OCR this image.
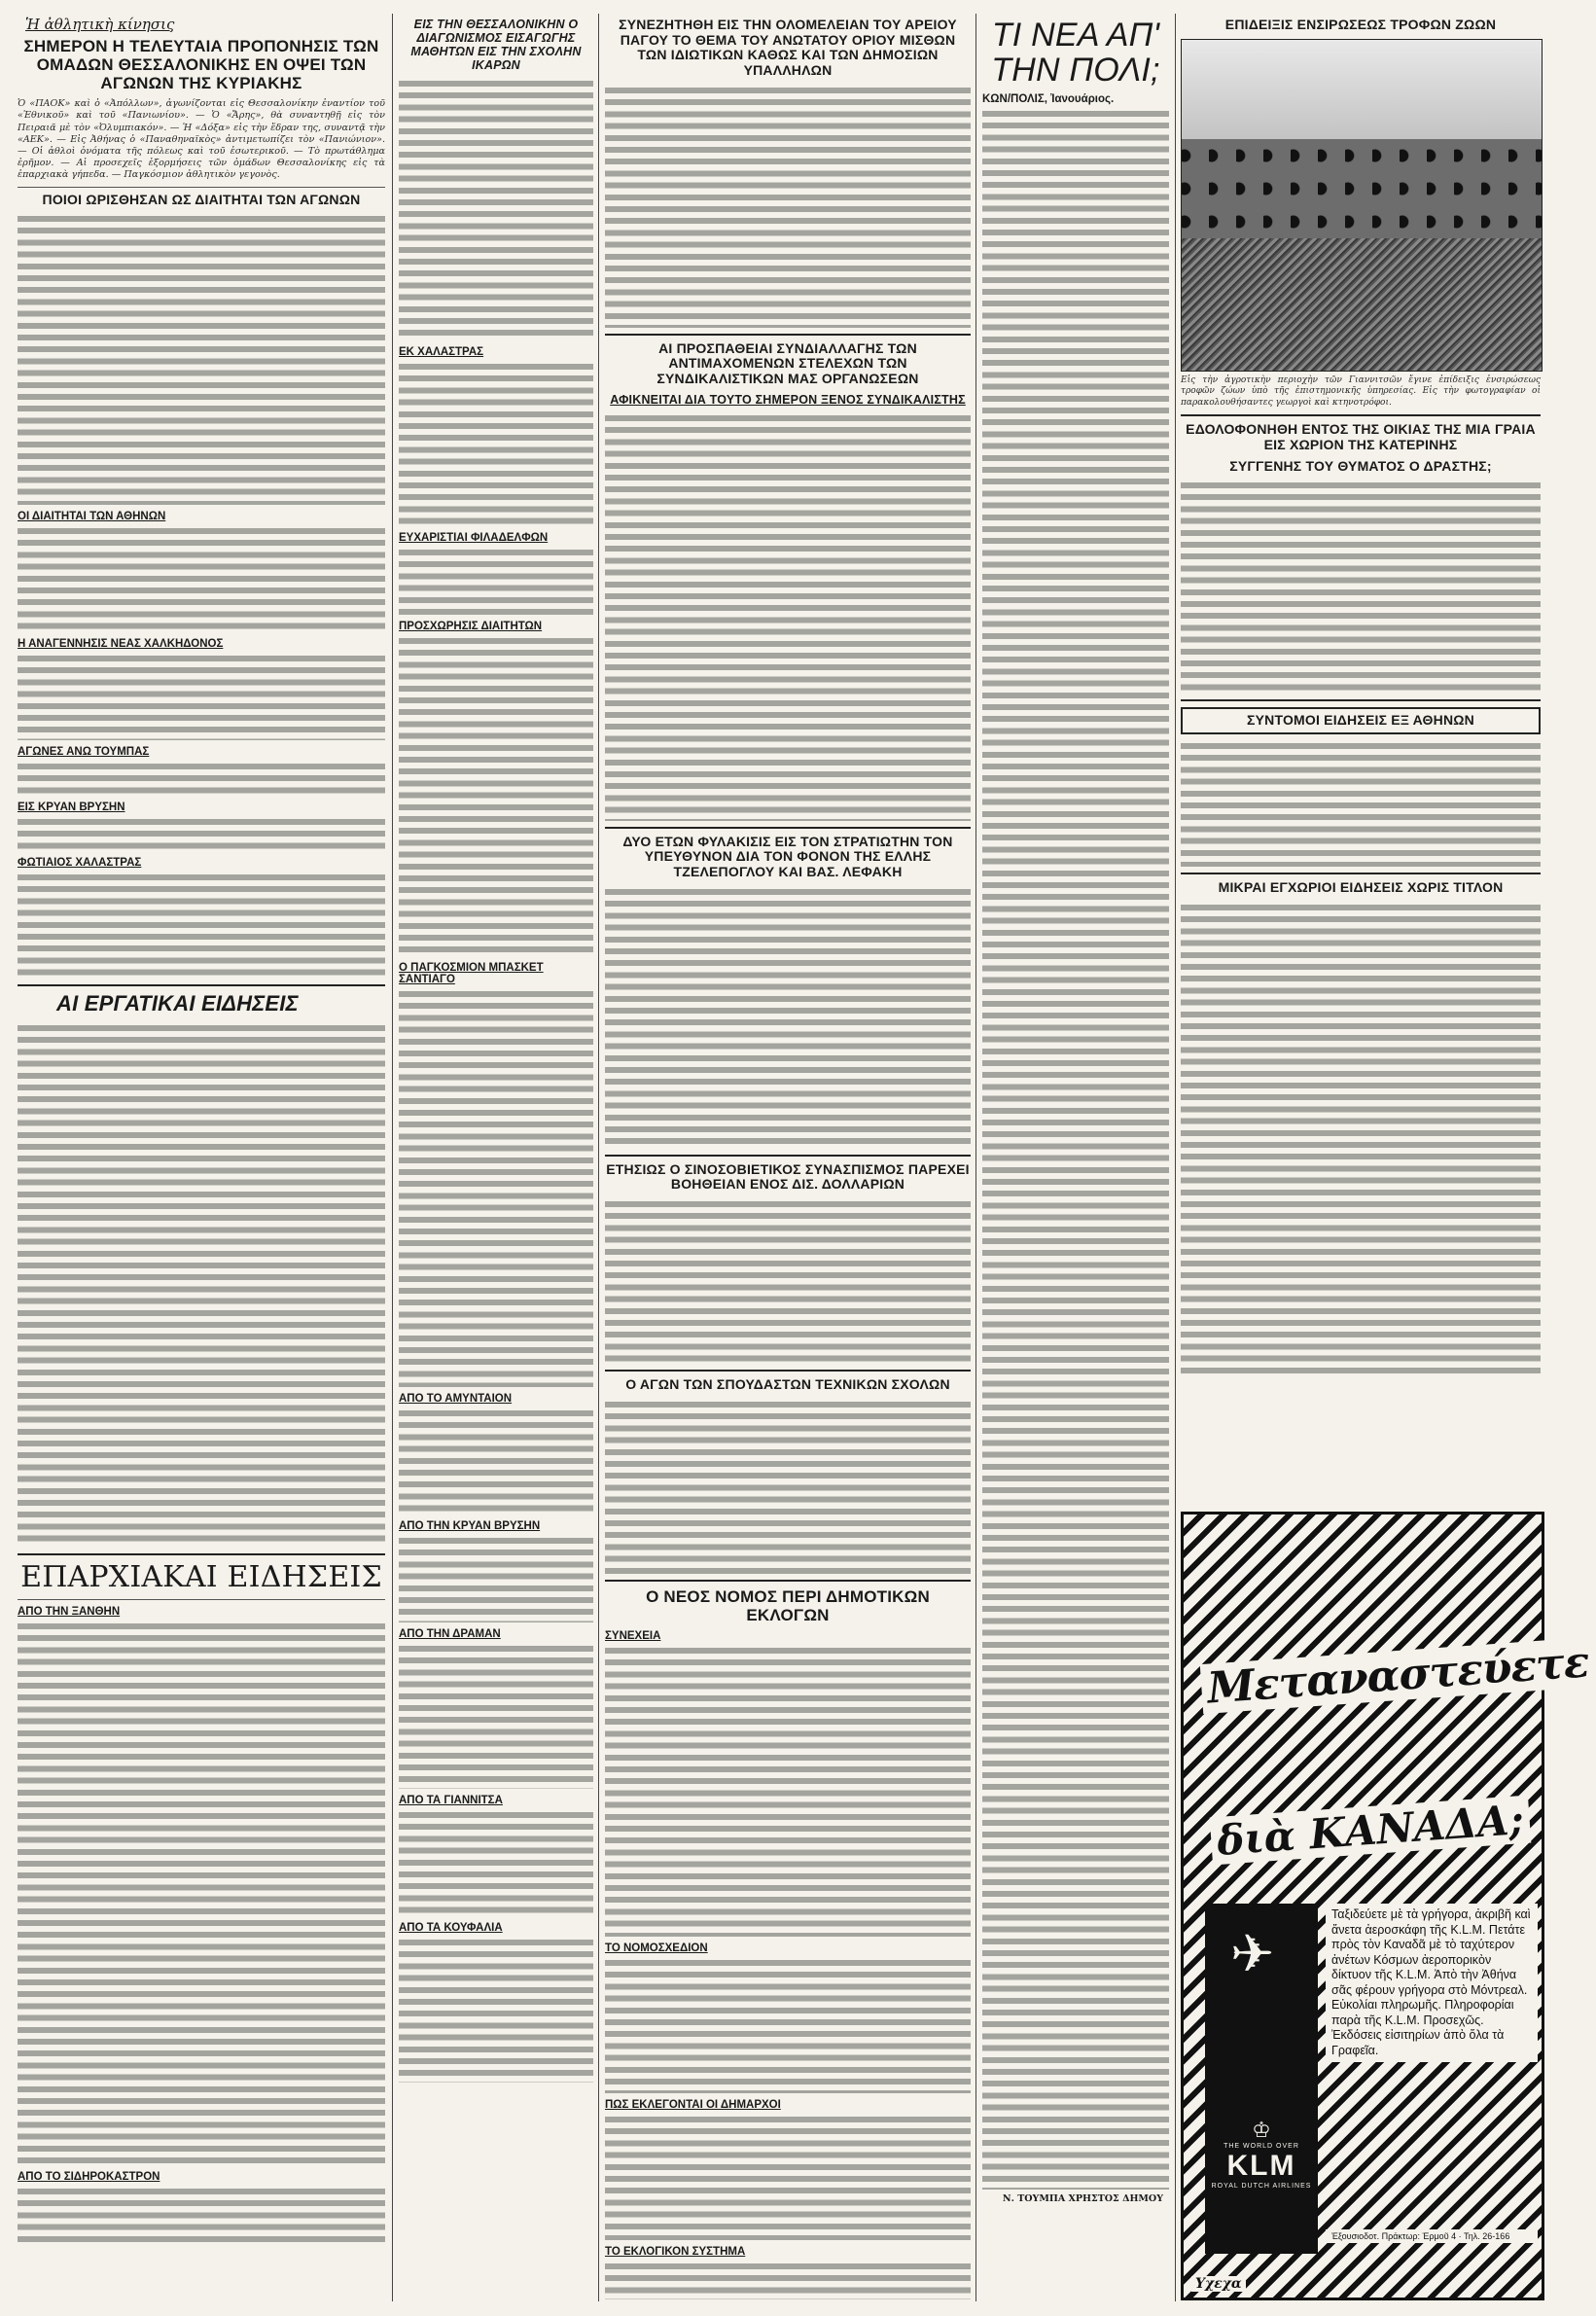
Ἡ ἀθλητικὴ κίνησις
ΣΗΜΕΡΟΝ Η ΤΕΛΕΥΤΑΙΑ ΠΡΟΠΟΝΗΣΙΣ ΤΩΝ ΟΜΑΔΩΝ ΘΕΣΣΑΛΟΝΙΚΗΣ ΕΝ ΟΨΕΙ ΤΩΝ ΑΓΩΝΩΝ ΤΗΣ ΚΥΡΙΑΚΗΣ

Ὁ «ΠΑΟΚ» καὶ ὁ «Ἀπόλλων», ἀγωνίζονται εἰς Θεσσαλονίκην ἐναντίον τοῦ «Ἐθνικοῦ» καὶ τοῦ «Πανιωνίου». — Ὁ «Ἄρης», θὰ συναντηθῇ εἰς τὸν Πειραιᾶ μὲ τὸν «Ὀλυμπιακόν». — Ἡ «Δόξα» εἰς τὴν ἕδραν της, συναντᾷ τὴν «ΑΕΚ». — Εἰς Ἀθήνας ὁ «Παναθηναϊκὸς» ἀντιμετωπίζει τὸν «Πανιώνιον». — Οἱ ἀθλοὶ ὀνόματα τῆς πόλεως καὶ τοῦ ἐσωτερικοῦ. — Τὸ πρωτάθλημα ἐρῆμον. — Αἱ προσεχεῖς ἐξορμήσεις τῶν ὁμάδων Θεσσαλονίκης εἰς τὰ ἐπαρχιακὰ γήπεδα. — Παγκόσμιον ἀθλητικὸν γεγονὸς.

ΠΟΙΟΙ ΩΡΙΣΘΗΣΑΝ ΩΣ ΔΙΑΙΤΗΤΑΙ ΤΩΝ ΑΓΩΝΩΝ

ΟΙ ΔΙΑΙΤΗΤΑΙ ΤΩΝ ΑΘΗΝΩΝ

Η ΑΝΑΓΕΝΝΗΣΙΣ ΝΕΑΣ ΧΑΛΚΗΔΟΝΟΣ

ΑΓΩΝΕΣ ΑΝΩ ΤΟΥΜΠΑΣ

ΕΙΣ ΚΡΥΑΝ ΒΡΥΣΗΝ

ΦΩΤΙΑΙΟΣ ΧΑΛΑΣΤΡΑΣ

ΑΙ ΕΡΓΑΤΙΚΑΙ ΕΙΔΗΣΕΙΣ

ΕΠΑΡΧΙΑΚΑΙ ΕΙΔΗΣΕΙΣ
ΑΠΟ ΤΗΝ ΞΑΝΘΗΝ

ΑΠΟ ΤΟ ΣΙΔΗΡΟΚΑΣΤΡΟΝ

ΕΙΣ ΤΗΝ ΘΕΣΣΑΛΟΝΙΚΗΝ Ο ΔΙΑΓΩΝΙΣΜΟΣ ΕΙΣΑΓΩΓΗΣ ΜΑΘΗΤΩΝ ΕΙΣ ΤΗΝ ΣΧΟΛΗΝ ΙΚΑΡΩΝ

ΕΚ ΧΑΛΑΣΤΡΑΣ

ΕΥΧΑΡΙΣΤΙΑΙ ΦΙΛΑΔΕΛΦΩΝ

ΠΡΟΣΧΩΡΗΣΙΣ ΔΙΑΙΤΗΤΩΝ

Ο ΠΑΓΚΟΣΜΙΟΝ ΜΠΑΣΚΕΤ ΣΑΝΤΙΑΓΟ

ΑΠΟ ΤΟ ΑΜΥΝΤΑΙΟΝ

ΑΠΟ ΤΗΝ ΚΡΥΑΝ ΒΡΥΣΗΝ

ΑΠΟ ΤΗΝ ΔΡΑΜΑΝ

ΑΠΟ ΤΑ ΓΙΑΝΝΙΤΣΑ

ΑΠΟ ΤΑ ΚΟΥΦΑΛΙΑ

ΣΥΝΕΖΗΤΗΘΗ ΕΙΣ ΤΗΝ ΟΛΟΜΕΛΕΙΑΝ ΤΟΥ ΑΡΕΙΟΥ ΠΑΓΟΥ ΤΟ ΘΕΜΑ ΤΟΥ ΑΝΩΤΑΤΟΥ ΟΡΙΟΥ ΜΙΣΘΩΝ ΤΩΝ ΙΔΙΩΤΙΚΩΝ ΚΑΘΩΣ ΚΑΙ ΤΩΝ ΔΗΜΟΣΙΩΝ ΥΠΑΛΛΗΛΩΝ

ΑΙ ΠΡΟΣΠΑΘΕΙΑΙ ΣΥΝΔΙΑΛΛΑΓΗΣ ΤΩΝ ΑΝΤΙΜΑΧΟΜΕΝΩΝ ΣΤΕΛΕΧΩΝ ΤΩΝ ΣΥΝΔΙΚΑΛΙΣΤΙΚΩΝ ΜΑΣ ΟΡΓΑΝΩΣΕΩΝ
ΑΦΙΚΝΕΙΤΑΙ ΔΙΑ ΤΟΥΤΟ ΣΗΜΕΡΟΝ ΞΕΝΟΣ ΣΥΝΔΙΚΑΛΙΣΤΗΣ

ΔΥΟ ΕΤΩΝ ΦΥΛΑΚΙΣΙΣ ΕΙΣ ΤΟΝ ΣΤΡΑΤΙΩΤΗΝ ΤΟΝ ΥΠΕΥΘΥΝΟΝ ΔΙΑ ΤΟΝ ΦΟΝΟΝ ΤΗΣ ΕΛΛΗΣ ΤΖΕΛΕΠΟΓΛΟΥ ΚΑΙ ΒΑΣ. ΛΕΦΑΚΗ

ΕΤΗΣΙΩΣ Ο ΣΙΝΟΣΟΒΙΕΤΙΚΟΣ ΣΥΝΑΣΠΙΣΜΟΣ ΠΑΡΕΧΕΙ ΒΟΗΘΕΙΑΝ ΕΝΟΣ ΔΙΣ. ΔΟΛΛΑΡΙΩΝ

Ο ΑΓΩΝ ΤΩΝ ΣΠΟΥΔΑΣΤΩΝ ΤΕΧΝΙΚΩΝ ΣΧΟΛΩΝ

Ο ΝΕΟΣ ΝΟΜΟΣ ΠΕΡΙ ΔΗΜΟΤΙΚΩΝ ΕΚΛΟΓΩΝ
ΣΥΝΕΧΕΙΑ

ΤΟ ΝΟΜΟΣΧΕΔΙΟΝ

ΠΩΣ ΕΚΛΕΓΟΝΤΑΙ ΟΙ ΔΗΜΑΡΧΟΙ

ΤΟ ΕΚΛΟΓΙΚΟΝ ΣΥΣΤΗΜΑ

ΤΙ ΝΕΑ ΑΠ' ΤΗΝ ΠΟΛΙ;
ΚΩΝ/ΠΟΛΙΣ, Ἰανουάριος.

Ν. ΤΟΥΜΠΑ ΧΡΗΣΤΟΣ ΔΗΜΟΥ
ΕΠΙΔΕΙΞΙΣ ΕΝΣΙΡΩΣΕΩΣ ΤΡΟΦΩΝ ΖΩΩΝ

Εἰς τὴν ἀγροτικὴν περιοχὴν τῶν Γιαννιτσῶν ἔγινε ἐπίδειξις ἐνσιρώσεως τροφῶν ζώων ὑπὸ τῆς ἐπιστημονικῆς ὑπηρεσίας. Εἰς τὴν φωτογραφίαν οἱ παρακολουθήσαντες γεωργοὶ καὶ κτηνοτρόφοι.

ΕΔΟΛΟΦΟΝΗΘΗ ΕΝΤΟΣ ΤΗΣ ΟΙΚΙΑΣ ΤΗΣ ΜΙΑ ΓΡΑΙΑ ΕΙΣ ΧΩΡΙΟΝ ΤΗΣ ΚΑΤΕΡΙΝΗΣ
ΣΥΓΓΕΝΗΣ ΤΟΥ ΘΥΜΑΤΟΣ Ο ΔΡΑΣΤΗΣ;

ΣΥΝΤΟΜΟΙ ΕΙΔΗΣΕΙΣ ΕΞ ΑΘΗΝΩΝ

ΜΙΚΡΑΙ ΕΓΧΩΡΙΟΙ ΕΙΔΗΣΕΙΣ ΧΩΡΙΣ ΤΙΤΛΟΝ

Μεταναστεύετε
διὰ ΚΑΝΑΔΑ;
✈
♔
THE WORLD OVER
KLM
ROYAL DUTCH AIRLINES
Ταξιδεύετε μὲ τὰ γρήγορα, ἀκριβῆ καὶ ἄνετα ἀεροσκάφη τῆς K.L.M. Πετάτε πρὸς τὸν Καναδᾶ μὲ τὸ ταχύτερον ἀνέτων Κόσμων ἀεροπορικὸν δίκτυον τῆς K.L.M. Ἀπὸ τὴν Ἀθήνα σᾶς φέρουν γρήγορα στὸ Μόντρεαλ. Εὐκολίαι πληρωμῆς. Πληροφορίαι παρὰ τῆς K.L.M. Προσεχῶς. Ἐκδόσεις εἰσιτηρίων ἀπὸ ὅλα τὰ Γραφεῖα.
Ἐξουσιοδοτ. Πράκτωρ: Ἐρμοῦ 4 · Τηλ. 26-166
Υχεχα
